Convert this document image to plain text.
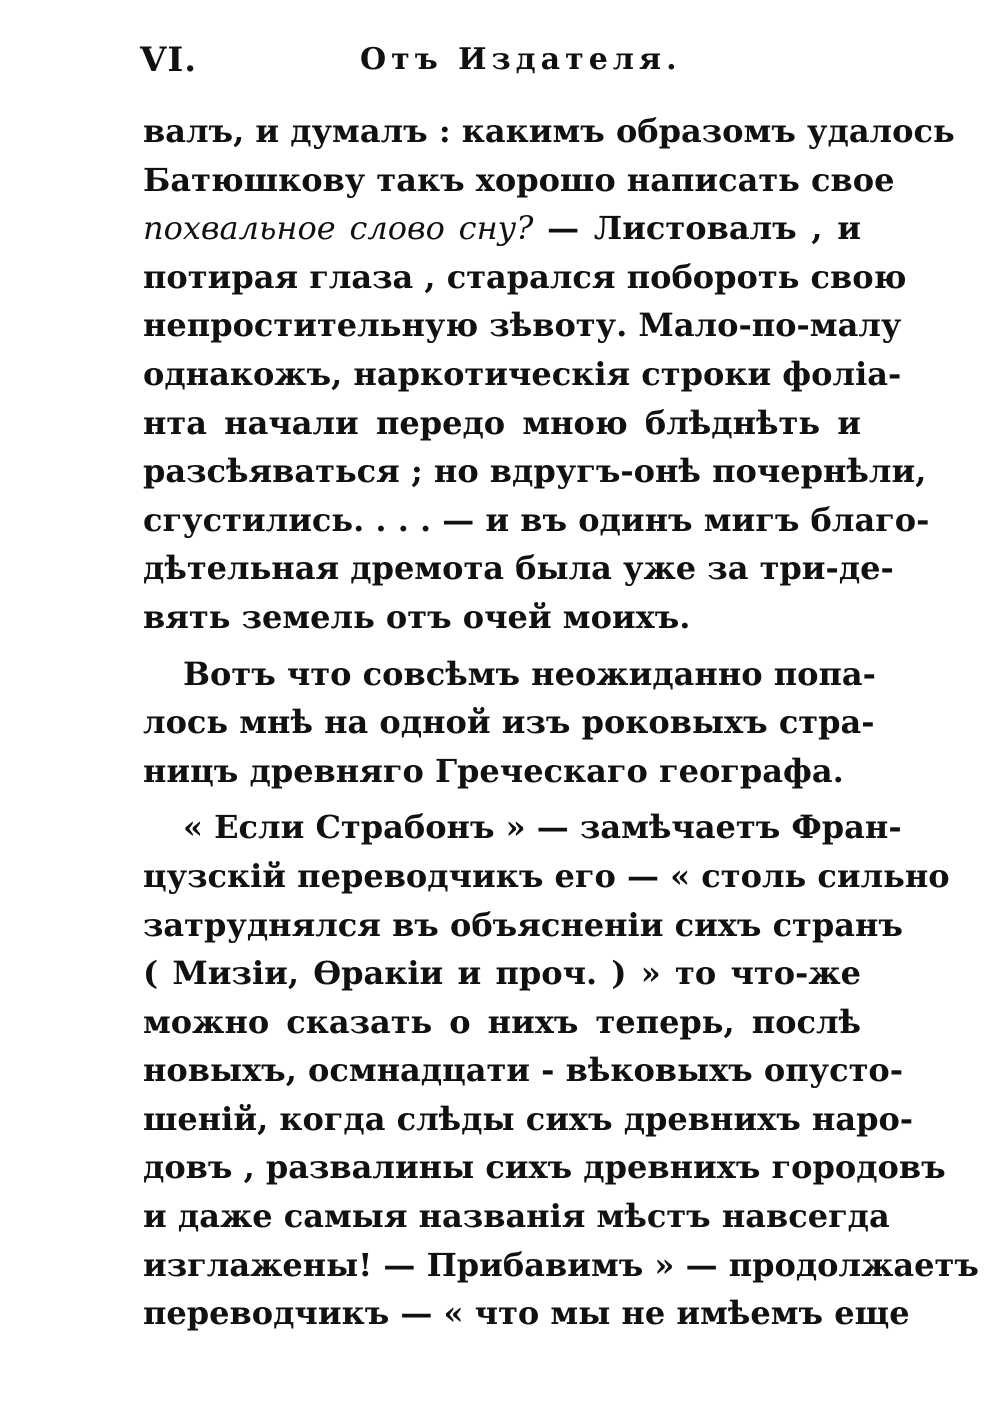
VI.	Отъ Издателя.
валъ, и думалъ : какимъ образомъ удалось
Батюшкову такъ хорошо написать свое
похвальное слово сну? — Листовалъ , и
потирая глаза , старался побороть свою
непростительную зѣвоту. Мало-по-малу
однакожъ, наркотическія строки фоліа-
нта начали передо мною блѣднѣть и
разсѣяваться ; но вдругъ-онѣ почернѣли,
сгустились. . . . — и въ одинъ мигъ благо-
дѣтельная дремота была уже за три-де-
вять земель отъ очей моихъ.
Вотъ что совсѣмъ неожиданно попа-
лось мнѣ на одной изъ роковыхъ стра-
ницъ древняго Греческаго географа.
« Если Страбонъ » — замѣчаетъ Фран-
цузскій переводчикъ его — « столь сильно
затруднялся въ объясненіи сихъ странъ
( Мизіи, Ѳракіи и проч. ) » то что-же
можно сказать о нихъ теперь, послѣ
новыхъ, осмнадцати - вѣковыхъ опусто-
шеній, когда слѣды сихъ древнихъ наро-
довъ , развалины сихъ древнихъ городовъ
и даже самыя названія мѣстъ навсегда
изглажены! — Прибавимъ » — продолжаетъ
переводчикъ — « что мы не имѣемъ еще
